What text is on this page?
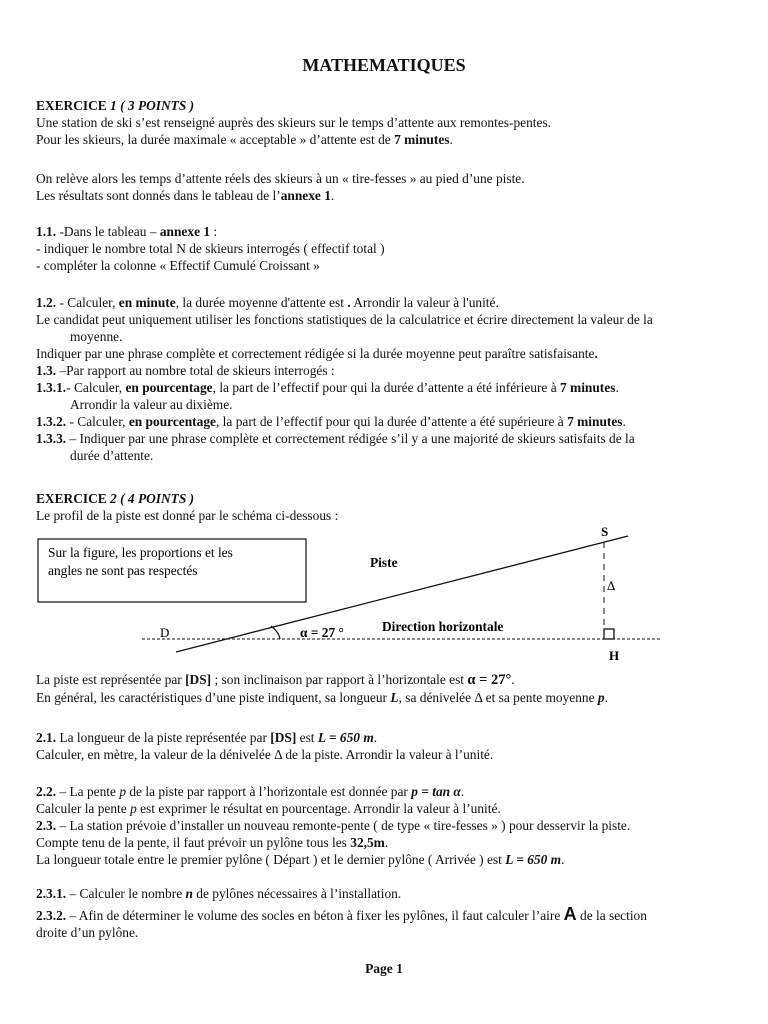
MATHEMATIQUES
EXERCICE 1 ( 3 POINTS )
Une station de ski s’est renseigné auprès des skieurs sur le temps d’attente aux remontes-pentes.
Pour les skieurs, la durée maximale « acceptable » d’attente est de 7 minutes.
On relève alors les temps d’attente réels des skieurs à un « tire-fesses » au pied d’une piste.
Les résultats sont donnés dans le tableau de l’annexe 1.
1.1. -Dans le tableau – annexe 1 :
- indiquer le nombre total N de skieurs interrogés ( effectif total )
- compléter la colonne « Effectif Cumulé Croissant »
1.2. - Calculer, en minute, la durée moyenne d'attente est . Arrondir la valeur à l'unité.
Le candidat peut uniquement utiliser les fonctions statistiques de la calculatrice et écrire directement la valeur de la
moyenne.
Indiquer par une phrase complète et correctement rédigée si la durée moyenne peut paraître satisfaisante.
1.3. –Par rapport au nombre total de skieurs interrogés :
1.3.1.- Calculer, en pourcentage, la part de l’effectif pour qui la durée d’attente a été inférieure à 7 minutes.
Arrondir la valeur au dixième.
1.3.2. - Calculer, en pourcentage, la part de l’effectif pour qui la durée d’attente a été supérieure à 7 minutes.
1.3.3. – Indiquer par une phrase complète et correctement rédigée s’il y a une majorité de skieurs satisfaits de la
durée d’attente.
EXERCICE 2 ( 4 POINTS )
Le profil de la piste est donné par le schéma ci-dessous :
Sur la figure, les proportions et les
angles ne sont pas respectés
S
D
H
Piste
Δ
α = 27 °	Direction horizontale
La piste est représentée par [DS] ; son inclinaison par rapport à l’horizontale est α = 27°.
En général, les caractéristiques d’une piste indiquent, sa longueur L, sa dénivelée Δ et sa pente moyenne p.
2.1. La longueur de la piste représentée par [DS] est L = 650 m.
Calculer, en mètre, la valeur de la dénivelée Δ de la piste. Arrondir la valeur à l’unité.
2.2. – La pente p de la piste par rapport à l’horizontale est donnée par p = tan α.
Calculer la pente p est exprimer le résultat en pourcentage. Arrondir la valeur à l’unité.
2.3. – La station prévoie d’installer un nouveau remonte-pente ( de type « tire-fesses » ) pour desservir la piste.
Compte tenu de la pente, il faut prévoir un pylône tous les 32,5m.
La longueur totale entre le premier pylône ( Départ ) et le dernier pylône ( Arrivée ) est L = 650 m.
2.3.1. – Calculer le nombre n de pylônes nécessaires à l’installation.
2.3.2. – Afin de déterminer le volume des socles en béton à fixer les pylônes, il faut calculer l’aire A de la section
droite d’un pylône.
Page 1
